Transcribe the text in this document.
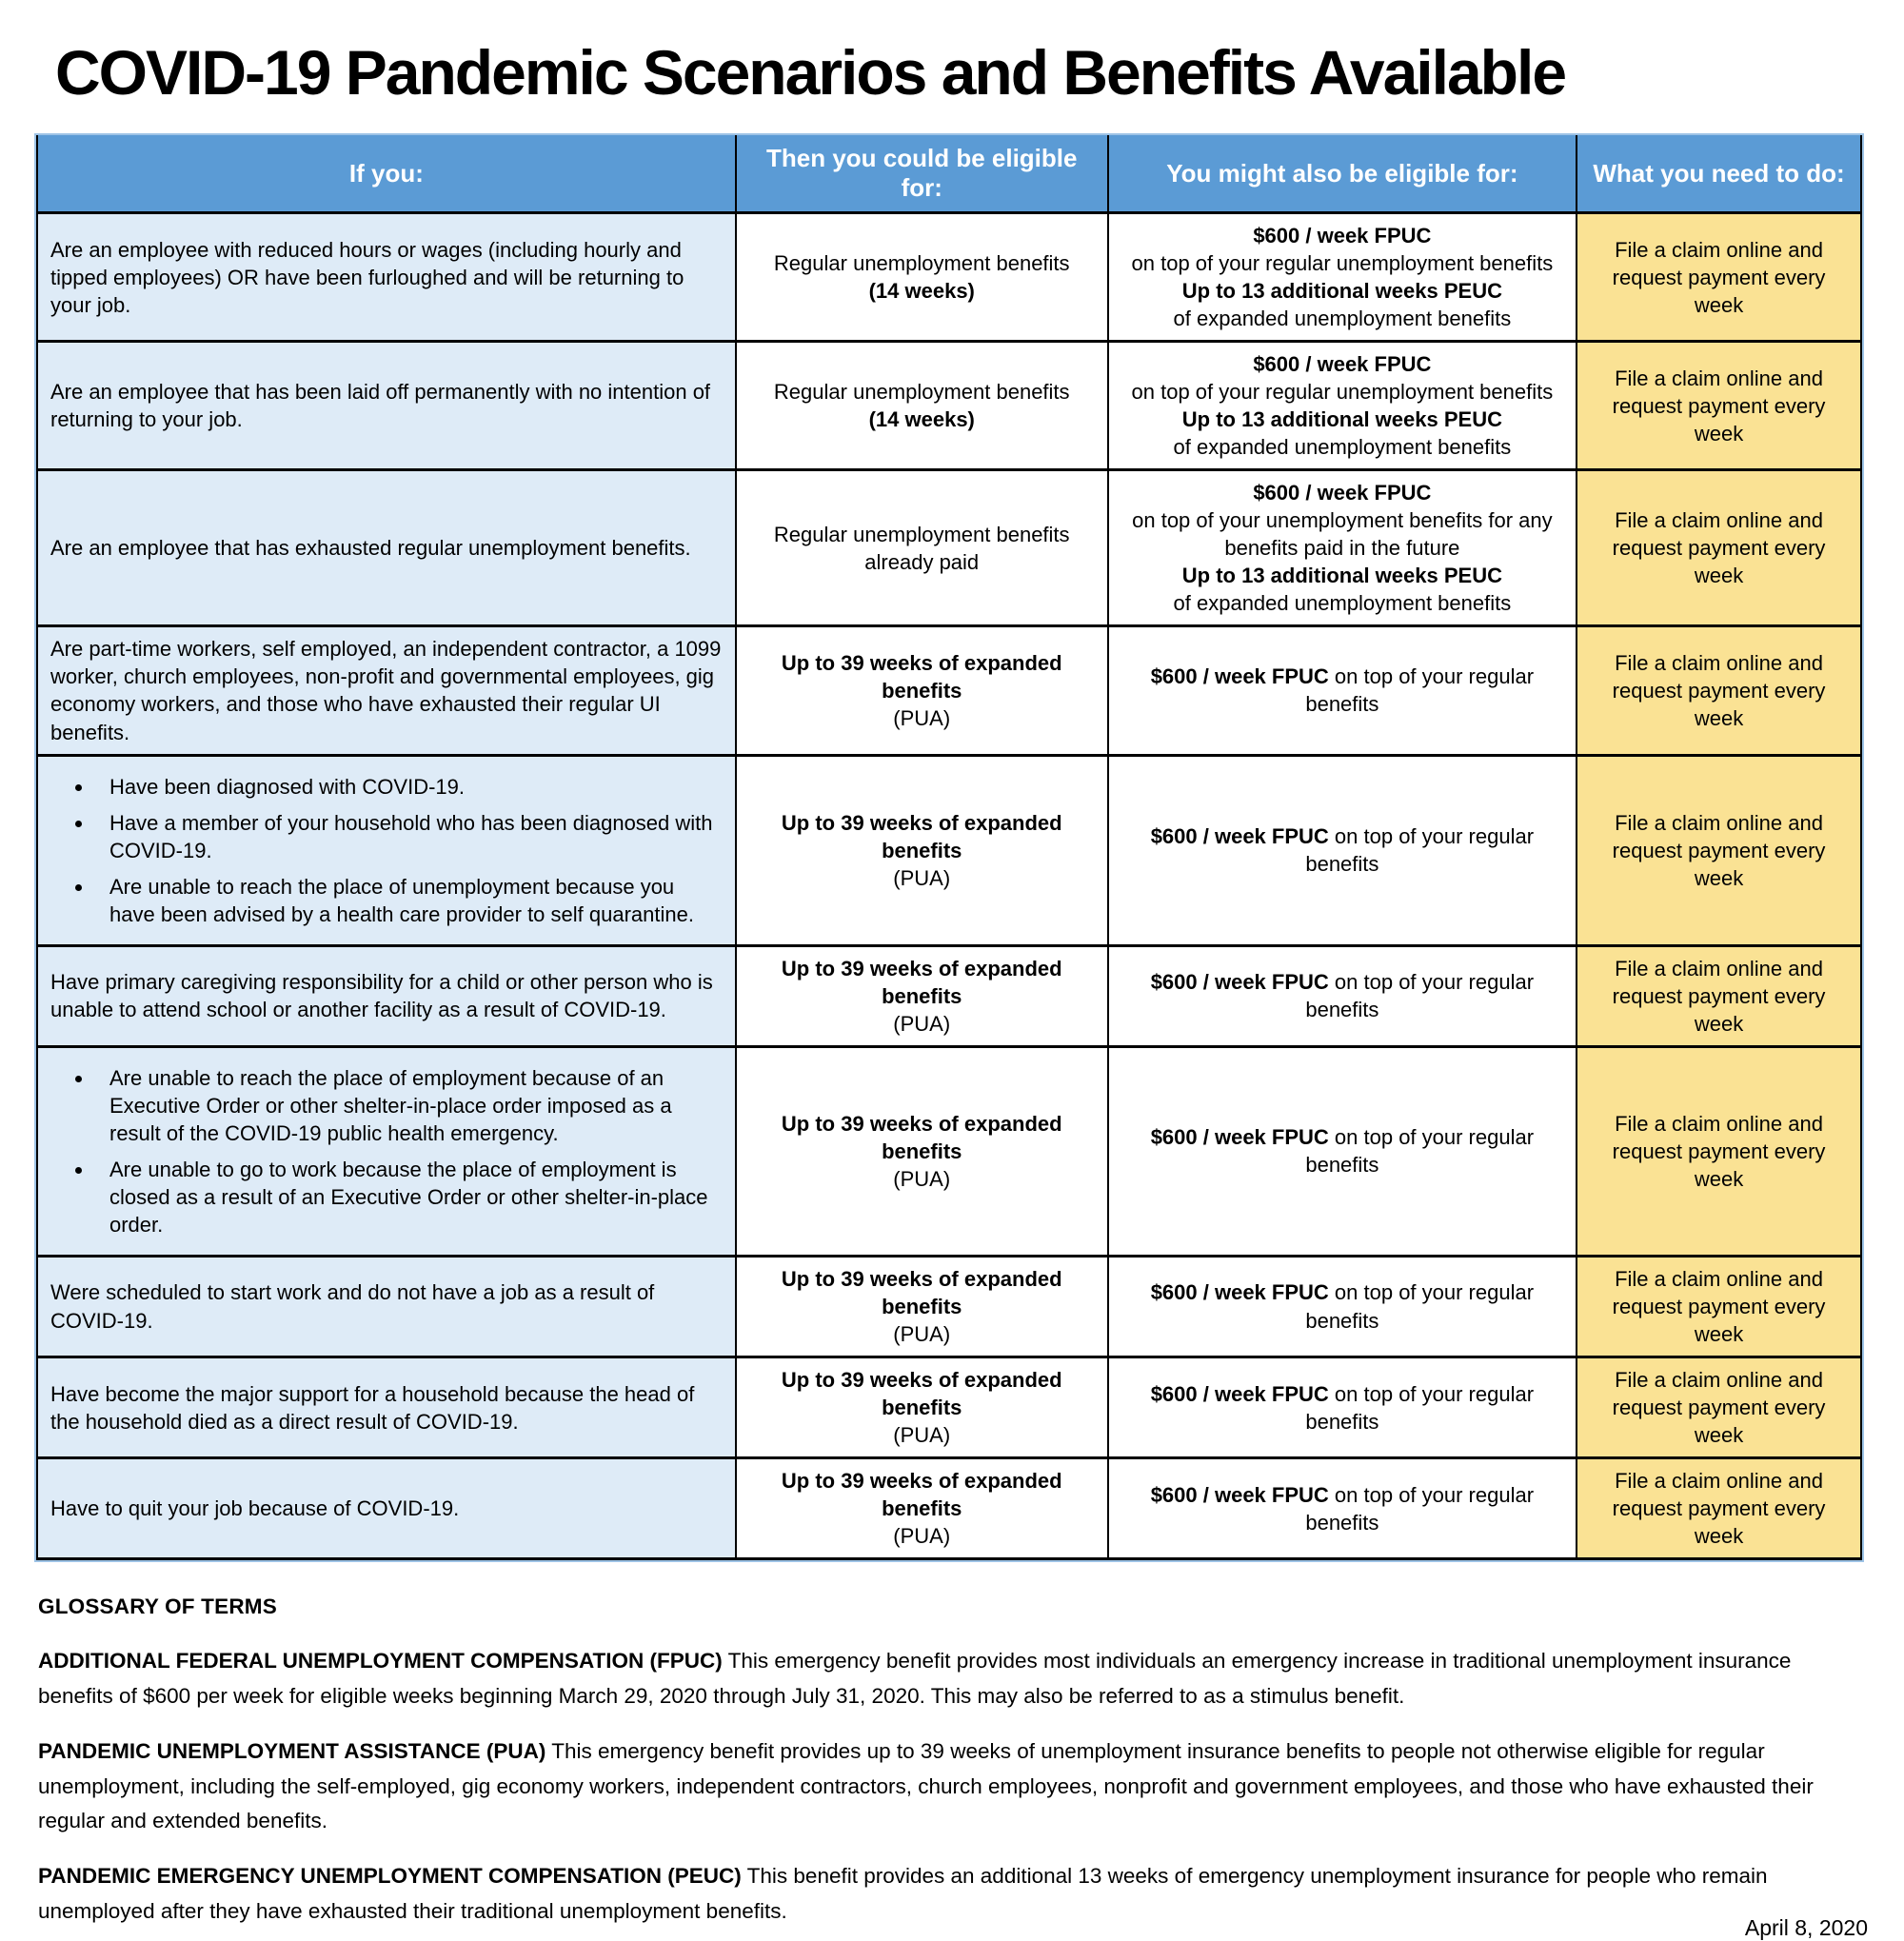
COVID-19 Pandemic Scenarios and Benefits Available
If you:	Then you could be eligible for:	You might also be eligible for:	What you need to do:
Are an employee with reduced hours or wages (including hourly and tipped employees) OR have been furloughed and will be returning to your job.	Regular unemployment benefits
(14 weeks)	$600 / week FPUC
on top of your regular unemployment benefits
Up to 13 additional weeks PEUC
of expanded unemployment benefits	File a claim online and request payment every week
Are an employee that has been laid off permanently with no intention of returning to your job.	Regular unemployment benefits
(14 weeks)	$600 / week FPUC
on top of your regular unemployment benefits
Up to 13 additional weeks PEUC
of expanded unemployment benefits	File a claim online and request payment every week
Are an employee that has exhausted regular unemployment benefits.	Regular unemployment benefits already paid	$600 / week FPUC
on top of your unemployment benefits for any benefits paid in the future
Up to 13 additional weeks PEUC
of expanded unemployment benefits	File a claim online and request payment every week
Are part-time workers, self employed, an independent contractor, a 1099 worker, church employees, non-profit and governmental employees, gig economy workers, and those who have exhausted their regular UI benefits.	Up to 39 weeks of expanded benefits
(PUA)	$600 / week FPUC on top of your regular benefits	File a claim online and request payment every week

• Have been diagnosed with COVID-19.
• Have a member of your household who has been diagnosed with COVID-19.
• Are unable to reach the place of unemployment because you have been advised by a health care provider to self quarantine.
	Up to 39 weeks of expanded benefits
(PUA)	$600 / week FPUC on top of your regular benefits	File a claim online and request payment every week
Have primary caregiving responsibility for a child or other person who is unable to attend school or another facility as a result of COVID-19.	Up to 39 weeks of expanded benefits
(PUA)	$600 / week FPUC on top of your regular benefits	File a claim online and request payment every week

• Are unable to reach the place of employment because of an Executive Order or other shelter-in-place order imposed as a result of the COVID-19 public health emergency.
• Are unable to go to work because the place of employment is closed as a result of an Executive Order or other shelter-in-place order.
	Up to 39 weeks of expanded benefits
(PUA)	$600 / week FPUC on top of your regular benefits	File a claim online and request payment every week
Were scheduled to start work and do not have a job as a result of COVID-19.	Up to 39 weeks of expanded benefits
(PUA)	$600 / week FPUC on top of your regular benefits	File a claim online and request payment every week
Have become the major support for a household because the head of the household died as a direct result of COVID-19.	Up to 39 weeks of expanded benefits
(PUA)	$600 / week FPUC on top of your regular benefits	File a claim online and request payment every week
Have to quit your job because of COVID-19.	Up to 39 weeks of expanded benefits
(PUA)	$600 / week FPUC on top of your regular benefits	File a claim online and request payment every week
GLOSSARY OF TERMS

ADDITIONAL FEDERAL UNEMPLOYMENT COMPENSATION (FPUC) This emergency benefit provides most individuals an emergency increase in traditional unemployment insurance benefits of $600 per week for eligible weeks beginning March 29, 2020 through July 31, 2020. This may also be referred to as a stimulus benefit.

PANDEMIC UNEMPLOYMENT ASSISTANCE (PUA) This emergency benefit provides up to 39 weeks of unemployment insurance benefits to people not otherwise eligible for regular unemployment, including the self-employed, gig economy workers, independent contractors, church employees, nonprofit and government employees, and those who have exhausted their regular and extended benefits.

PANDEMIC EMERGENCY UNEMPLOYMENT COMPENSATION (PEUC) This benefit provides an additional 13 weeks of emergency unemployment insurance for people who remain unemployed after they have exhausted their traditional unemployment benefits.

April 8, 2020
